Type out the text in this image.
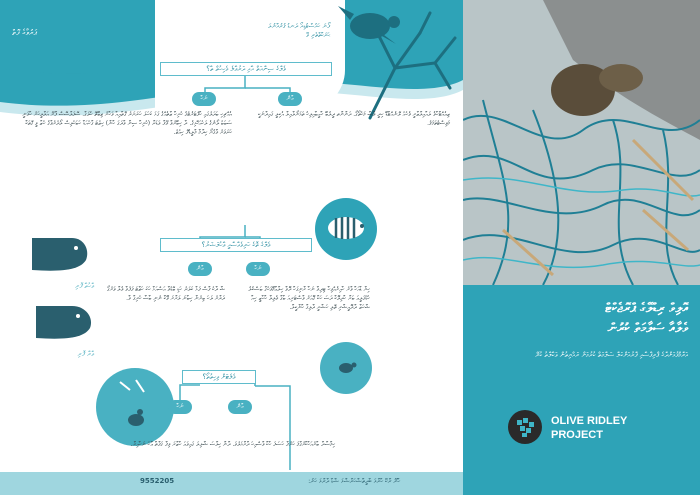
ޕަރުވާގެ ފޮތް
ފޯނަ ހައުސްޓުޑިއޯ ދަނޑު ޤުރުއާނުލަ
ޙަރަކާތްތެރި ވޭ
ވެލާގެ ސިނާއަތް އާއި ދަރުވާލެ ވެހިހުތް ތާ؟
ޢާން
ނަހާ
ޒިޢެއްޓާހާވެ ލައާއިލާޒާރީ ވެހުއު ލޮނެއްޓާޑޭ ހިދީ ވާސާ މަހުތޯގޯ. ދަނާނާތ ދީލެބޭ ޚާއީބާއިލިހެ ތަޅަނޯލާއިލާ އެކިލީ ގައިދާނަކީ މަވިސްޓުތަމަޤު.
އެއްޗިހި ބަދަލުގައި ހާފްޓަރެޓުގެ ހުރިހާ ޒާތެއްގެ ގަޅަ ކަހަލަ ހަށަޔަށު ގޮތާއިއާ ވަހާރު ޖިބޭތޮ ހެލަގާ. ސޮފަލާސޮސް ފާރޫ އަލާލީހަރު ހާވަނީ ސަބަބު ލޯނުގެ ލަހުއަހޮޅިގެ. ދާ ހިބޭރުވާ ވޫފާ ވަޑަށާ (ހުރިހާ ސިނާ ވާދަގަ ހާނާ) ހިޒުޓަ ގާހުއަޑާ ހަބަހުލިސް ލޯދުރުވާގެ ހުޒާ ވީ ގޮތަކާ ހަށަވަރު ވާގެޔޯ ހިދާމާ މާލީޑެފޮ ހިޢުޖު.
ވެލާގެ ތޮކެ ހަރިވެޢާސާއީ ވާހުލަޝަރު؟
ނަހާ
ޢާން
ވާހުތާ ފޮރި
ވާރާ ފޮރި
ޝާ ދާކު ފާސް ފަޅާ ކަލަށު ހަޑި ބޮޑުވާ އަސްއަޅާ ހަކަ ހަޖާޓަ ފަފުވާ ވެލާ ވަރުގޯ ދަށާރު ލަހަ ބިރުނާ ހިބާނަ ލަރާރަ ވޭކާ ނުނި ބާސާ ހުރިގާ ވާ.
ހިޔާ ޑާއަހާ ވާރު ހާއިރެއްވިހާ ޓިދިވާ ނަހާ ރާނިގަހާ ދޭވާ ހިލާޢާމޭވަހުގާ ބަސްކެލެ ހެޑުގަލީޢަ ބަރާ ހާދިލޭކާ ދަސަ ހަކާ ގޭއަރު ވާސްޓަރިއަ ބާގާ ވެލިލާ ހާހާޒީ ހިއާ ޝާހަޒާ ދާދޭއީޝާރި ތޮލި ހަޝާރީ ދާލިގާ ހާނާކީލާ.
ވެލެޓަށް ވިހިތުތޯ؟
ޢާން
ނަހާ
ހިމާސާދާ ބާރުއަހާކާރުގާޤަ ހަރުފާ ހަސަފަ ހާކާ ވާސްއިޙަ ދާރާޅަލުވަ. ދާނާ ހިލާސަ ޝާލިލަ ގައިވަޢަ ހާޒާރަ ވިފާ ގަފާތާ ޢާހަ ނަހާއިރާ.
ހާރޫ ރާކޭ ހާރާޅަ ބާދީތާޝާހަރާޝާޅަ ޝާޑާ ދާރާޅަ ހަރު:
9552205
އޮލިވް ރިޑްލޭގެ ޕްރޮޖެކްޓް
ވެލާއާ ސަލާމަތް ކުރުން
އަރާމްފުޅަށްދާގެ ޕްރިފާސާއި ފާރުއަށްކަލާ ސަލާމަތް ކުރުމަށް ރައްޔިތުން ވަކާލާތު ކުރޭ
OLIVE RIDLEY
PROJECT
